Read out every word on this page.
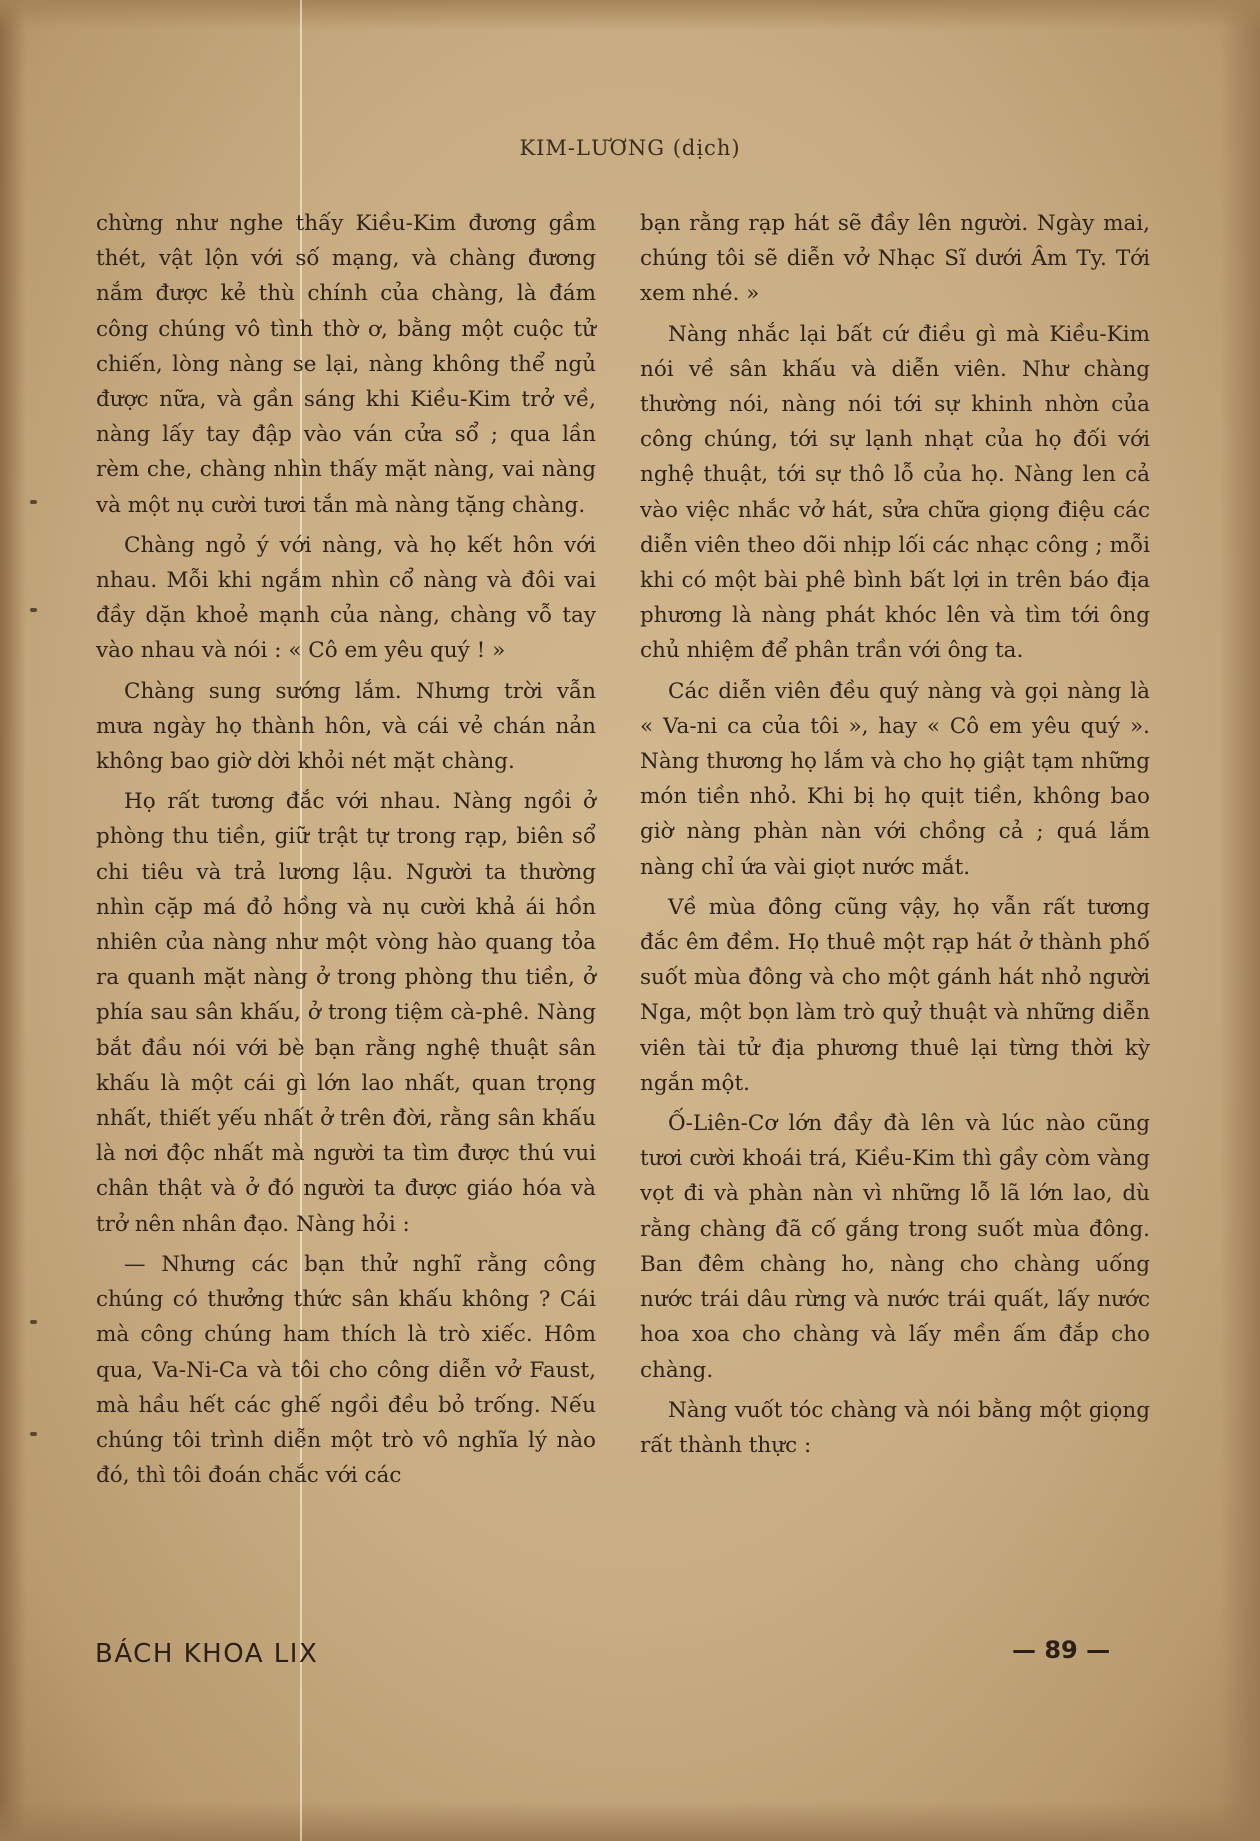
KIM-LƯƠNG (dịch)

chừng như nghe thấy Kiều-Kim đương gầm thét, vật lộn với số mạng, và chàng đương nắm được kẻ thù chính của chàng, là đám công chúng vô tình thờ ơ, bằng một cuộc tử chiến, lòng nàng se lại, nàng không thể ngủ được nữa, và gần sáng khi Kiều-Kim trở về, nàng lấy tay đập vào ván cửa sổ ; qua lần rèm che, chàng nhìn thấy mặt nàng, vai nàng và một nụ cười tươi tắn mà nàng tặng chàng.

Chàng ngỏ ý với nàng, và họ kết hôn với nhau. Mỗi khi ngắm nhìn cổ nàng và đôi vai đầy dặn khoẻ mạnh của nàng, chàng vỗ tay vào nhau và nói : « Cô em yêu quý ! »

Chàng sung sướng lắm. Nhưng trời vẫn mưa ngày họ thành hôn, và cái vẻ chán nản không bao giờ dời khỏi nét mặt chàng.

Họ rất tương đắc với nhau. Nàng ngồi ở phòng thu tiền, giữ trật tự trong rạp, biên sổ chi tiêu và trả lương lậu. Người ta thường nhìn cặp má đỏ hồng và nụ cười khả ái hồn nhiên của nàng như một vòng hào quang tỏa ra quanh mặt nàng ở trong phòng thu tiền, ở phía sau sân khấu, ở trong tiệm cà-phê. Nàng bắt đầu nói với bè bạn rằng nghệ thuật sân khấu là một cái gì lớn lao nhất, quan trọng nhất, thiết yếu nhất ở trên đời, rằng sân khấu là nơi độc nhất mà người ta tìm được thú vui chân thật và ở đó người ta được giáo hóa và trở nên nhân đạo. Nàng hỏi :

— Nhưng các bạn thử nghĩ rằng công chúng có thưởng thức sân khấu không ? Cái mà công chúng ham thích là trò xiếc. Hôm qua, Va-Ni-Ca và tôi cho công diễn vở Faust, mà hầu hết các ghế ngồi đều bỏ trống. Nếu chúng tôi trình diễn một trò vô nghĩa lý nào đó, thì tôi đoán chắc với các

bạn rằng rạp hát sẽ đầy lên người. Ngày mai, chúng tôi sẽ diễn vở Nhạc Sĩ dưới Âm Ty. Tới xem nhé. »

Nàng nhắc lại bất cứ điều gì mà Kiều-Kim nói về sân khấu và diễn viên. Như chàng thường nói, nàng nói tới sự khinh nhờn của công chúng, tới sự lạnh nhạt của họ đối với nghệ thuật, tới sự thô lỗ của họ. Nàng len cả vào việc nhắc vở hát, sửa chữa giọng điệu các diễn viên theo dõi nhịp lối các nhạc công ; mỗi khi có một bài phê bình bất lợi in trên báo địa phương là nàng phát khóc lên và tìm tới ông chủ nhiệm để phân trần với ông ta.

Các diễn viên đều quý nàng và gọi nàng là « Va-ni ca của tôi », hay « Cô em yêu quý ». Nàng thương họ lắm và cho họ giật tạm những món tiền nhỏ. Khi bị họ quịt tiền, không bao giờ nàng phàn nàn với chồng cả ; quá lắm nàng chỉ ứa vài giọt nước mắt.

Về mùa đông cũng vậy, họ vẫn rất tương đắc êm đềm. Họ thuê một rạp hát ở thành phố suốt mùa đông và cho một gánh hát nhỏ người Nga, một bọn làm trò quỷ thuật và những diễn viên tài tử địa phương thuê lại từng thời kỳ ngắn một.

Ố-Liên-Cơ lớn đầy đà lên và lúc nào cũng tươi cười khoái trá, Kiều-Kim thì gầy còm vàng vọt đi và phàn nàn vì những lỗ lã lớn lao, dù rằng chàng đã cố gắng trong suốt mùa đông. Ban đêm chàng ho, nàng cho chàng uống nước trái dâu rừng và nước trái quất, lấy nước hoa xoa cho chàng và lấy mền ấm đắp cho chàng.

Nàng vuốt tóc chàng và nói bằng một giọng rất thành thực :

BÁCH KHOA LIX	— 89 —
